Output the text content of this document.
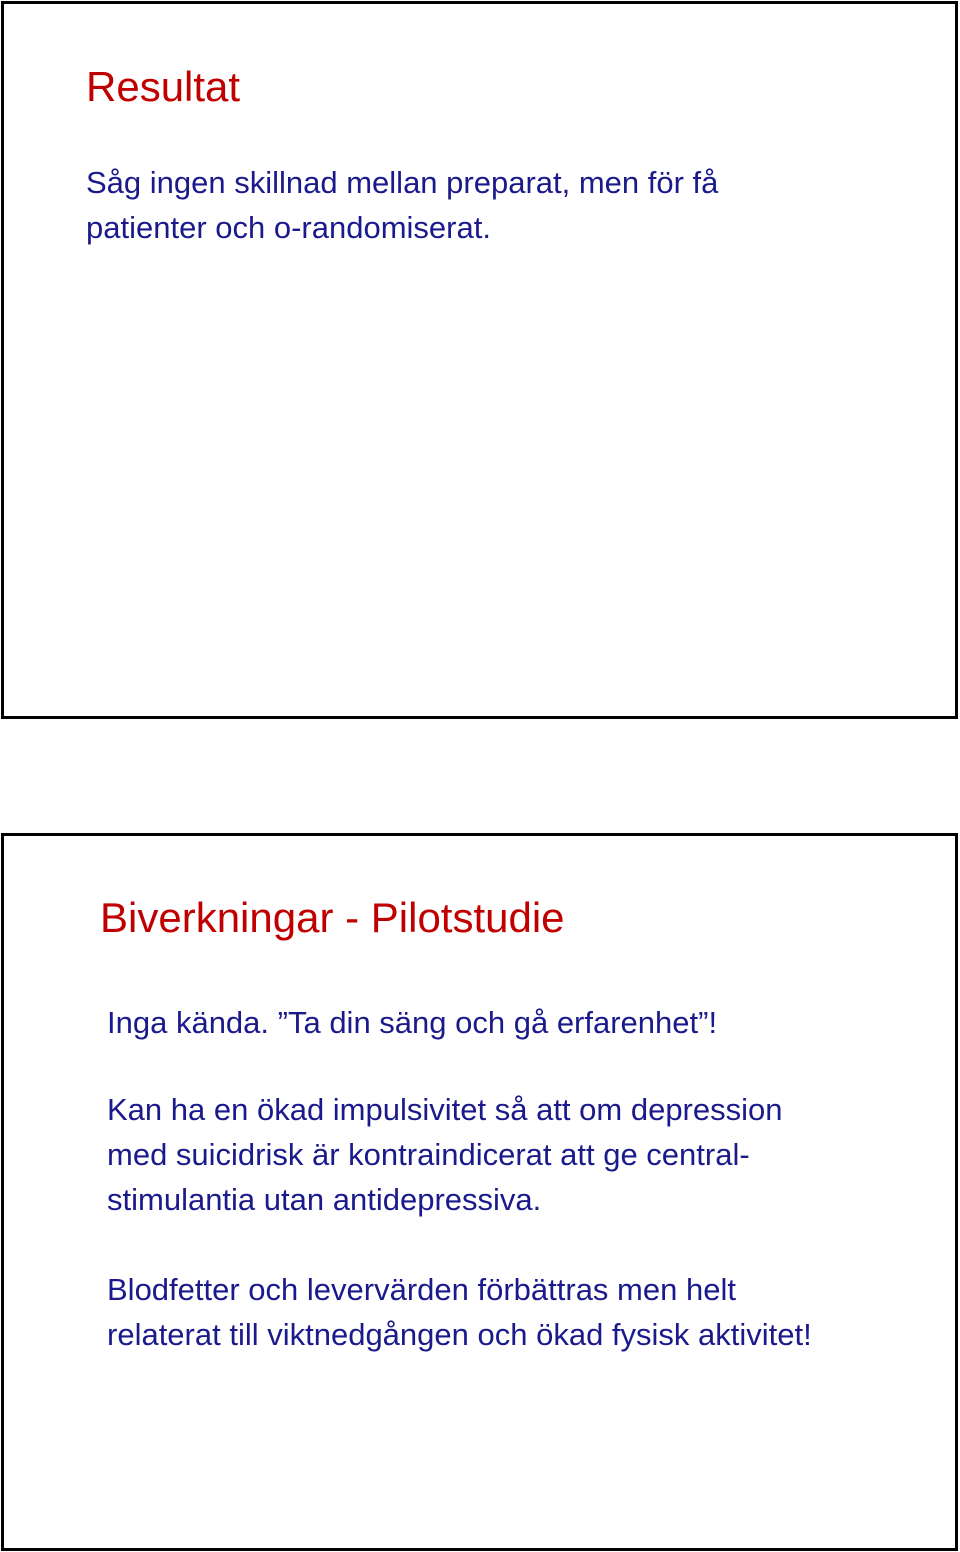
Resultat

Såg ingen skillnad mellan preparat, men för få
patienter och o-randomiserat.

Biverkningar - Pilotstudie

Inga kända. ”Ta din säng och gå erfarenhet”!

Kan ha en ökad impulsivitet så att om depression
med suicidrisk är kontraindicerat att ge central-
stimulantia utan antidepressiva.

Blodfetter och levervärden förbättras men helt
relaterat till viktnedgången och ökad fysisk aktivitet!
